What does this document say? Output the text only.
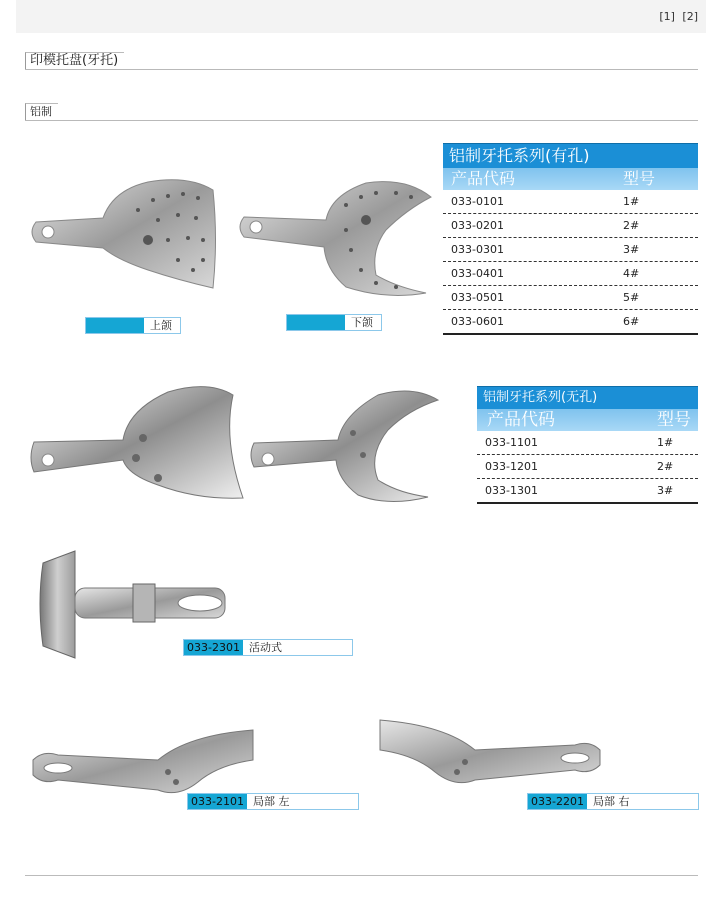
[1] [2]
印模托盘(牙托)
铝制
上颌	下颌
铝制牙托系列(有孔)
产品代码	型号
033-0101	1#
033-0201	2#
033-0301	3#
033-0401	4#
033-0501	5#
033-0601	6#
铝制牙托系列(无孔)
产品代码	型号
033-1101	1#
033-1201	2#
033-1301	3#
033-2301 活动式
033-2101 局部 左	033-2201 局部 右
